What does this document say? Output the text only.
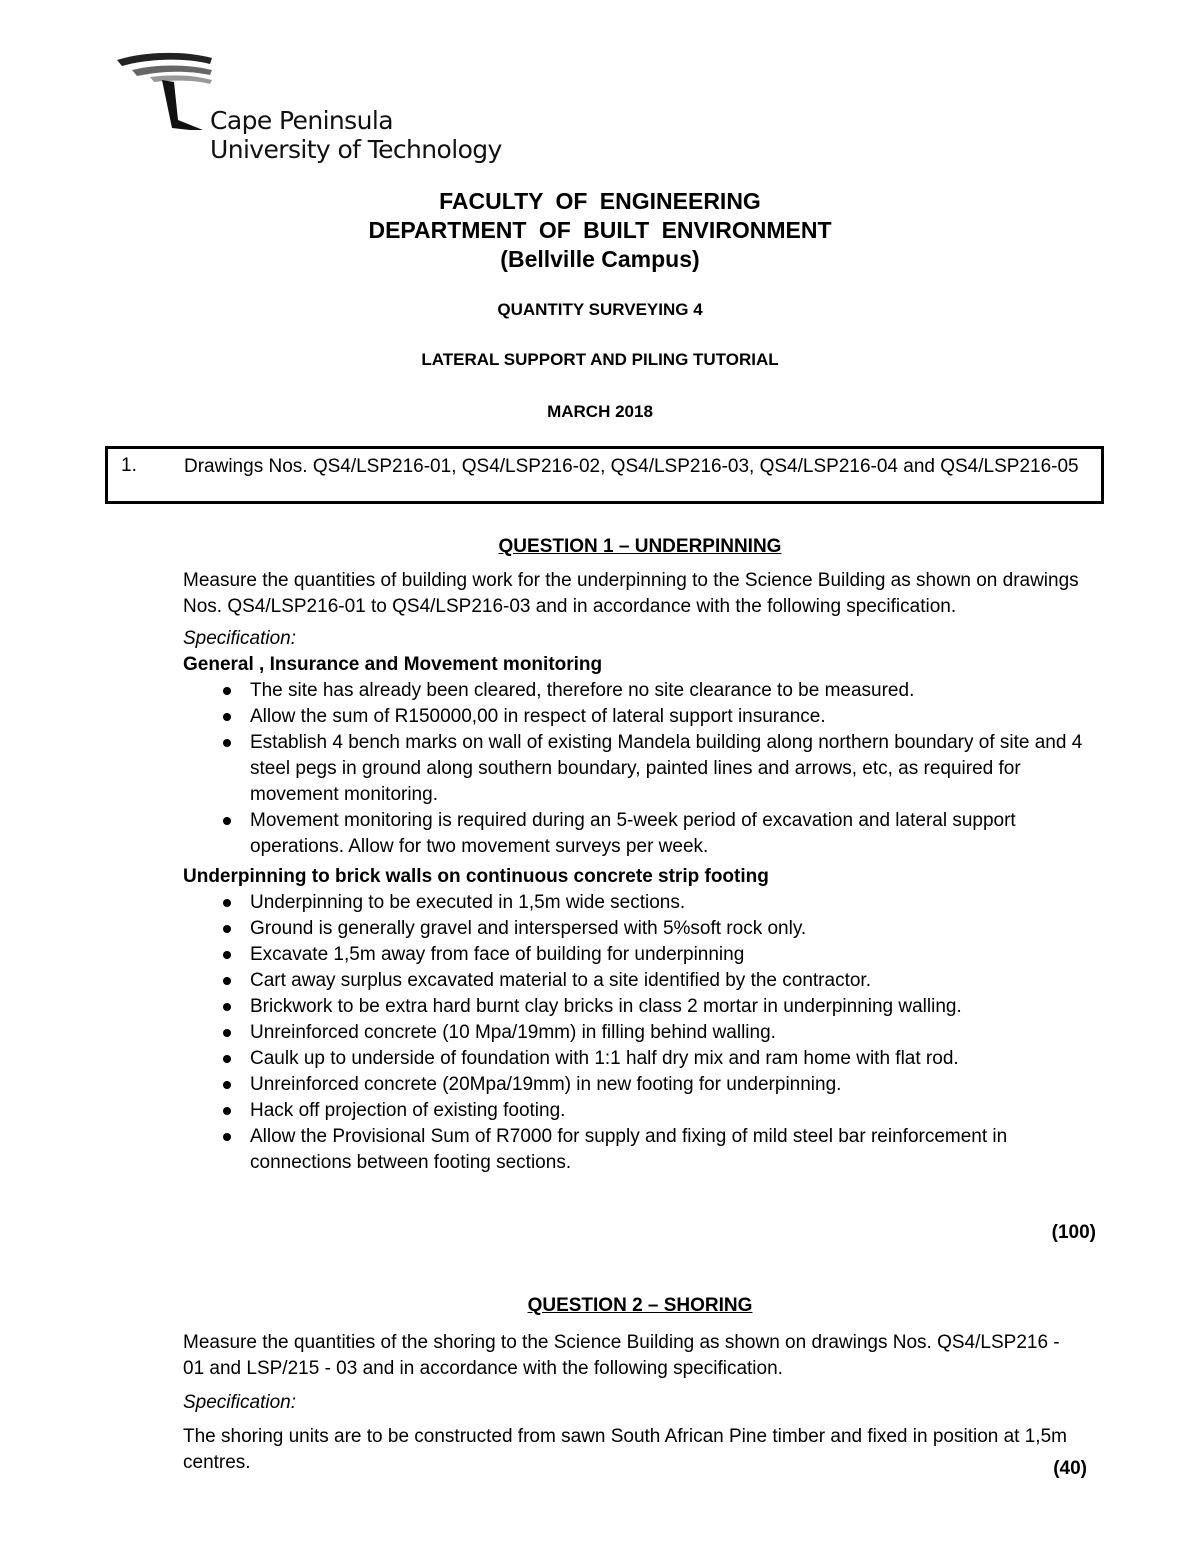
Cape Peninsula
University of Technology
FACULTY OF ENGINEERING
DEPARTMENT OF BUILT ENVIRONMENT
(Bellville Campus)
QUANTITY SURVEYING 4
LATERAL SUPPORT AND PILING TUTORIAL
MARCH 2018
1. Drawings Nos. QS4/LSP216-01, QS4/LSP216-02, QS4/LSP216-03, QS4/LSP216-04 and QS4/LSP216-05
QUESTION 1 – UNDERPINNING

Measure the quantities of building work for the underpinning to the Science Building as shown on drawings Nos. QS4/LSP216-01 to QS4/LSP216-03 and in accordance with the following specification.

Specification:

General , Insurance and Movement monitoring

The site has already been cleared, therefore no site clearance to be measured.
Allow the sum of R150000,00 in respect of lateral support insurance.
Establish 4 bench marks on wall of existing Mandela building along northern boundary of site and 4 steel pegs in ground along southern boundary, painted lines and arrows, etc, as required for movement monitoring.
Movement monitoring is required during an 5-week period of excavation and lateral support operations. Allow for two movement surveys per week.

Underpinning to brick walls on continuous concrete strip footing

Underpinning to be executed in 1,5m wide sections.
Ground is generally gravel and interspersed with 5%soft rock only.
Excavate 1,5m away from face of building for underpinning
Cart away surplus excavated material to a site identified by the contractor.
Brickwork to be extra hard burnt clay bricks in class 2 mortar in underpinning walling.
Unreinforced concrete (10 Mpa/19mm) in filling behind walling.
Caulk up to underside of foundation with 1:1 half dry mix and ram home with flat rod.
Unreinforced concrete (20Mpa/19mm) in new footing for underpinning.
Hack off projection of existing footing.
Allow the Provisional Sum of R7000 for supply and fixing of mild steel bar reinforcement in connections between footing sections.
(100)
QUESTION 2 – SHORING

Measure the quantities of the shoring to the Science Building as shown on drawings Nos. QS4/LSP216 - 01 and LSP/215 - 03 and in accordance with the following specification.

Specification:

The shoring units are to be constructed from sawn South African Pine timber and fixed in position at 1,5m centres.	(40)
